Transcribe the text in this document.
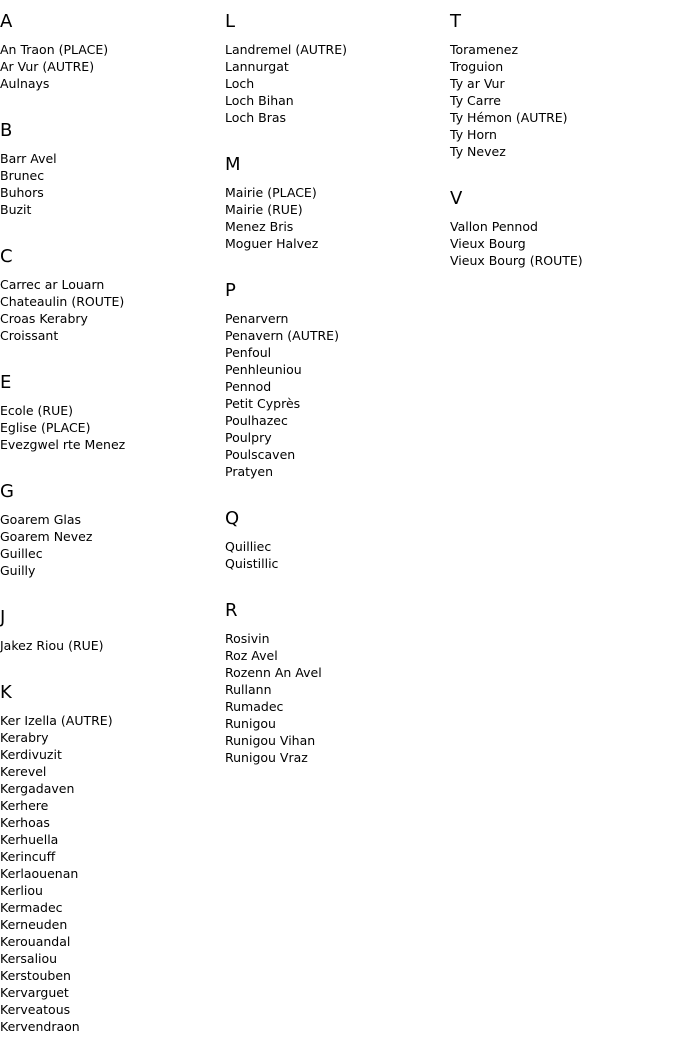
A
An Traon (PLACE)
Ar Vur (AUTRE)
Aulnays
B
Barr Avel
Brunec
Buhors
Buzit
C
Carrec ar Louarn
Chateaulin (ROUTE)
Croas Kerabry
Croissant
E
Ecole (RUE)
Eglise (PLACE)
Evezgwel rte Menez
G
Goarem Glas
Goarem Nevez
Guillec
Guilly
J
Jakez Riou (RUE)
K
Ker Izella (AUTRE)
Kerabry
Kerdivuzit
Kerevel
Kergadaven
Kerhere
Kerhoas
Kerhuella
Kerincuff
Kerlaouenan
Kerliou
Kermadec
Kerneuden
Kerouandal
Kersaliou
Kerstouben
Kervarguet
Kerveatous
Kervendraon
L
Landremel (AUTRE)
Lannurgat
Loch
Loch Bihan
Loch Bras
M
Mairie (PLACE)
Mairie (RUE)
Menez Bris
Moguer Halvez
P
Penarvern
Penavern (AUTRE)
Penfoul
Penhleuniou
Pennod
Petit Cyprès
Poulhazec
Poulpry
Poulscaven
Pratyen
Q
Quilliec
Quistillic
R
Rosivin
Roz Avel
Rozenn An Avel
Rullann
Rumadec
Runigou
Runigou Vihan
Runigou Vraz
T
Toramenez
Troguion
Ty ar Vur
Ty Carre
Ty Hémon (AUTRE)
Ty Horn
Ty Nevez
V
Vallon Pennod
Vieux Bourg
Vieux Bourg (ROUTE)
